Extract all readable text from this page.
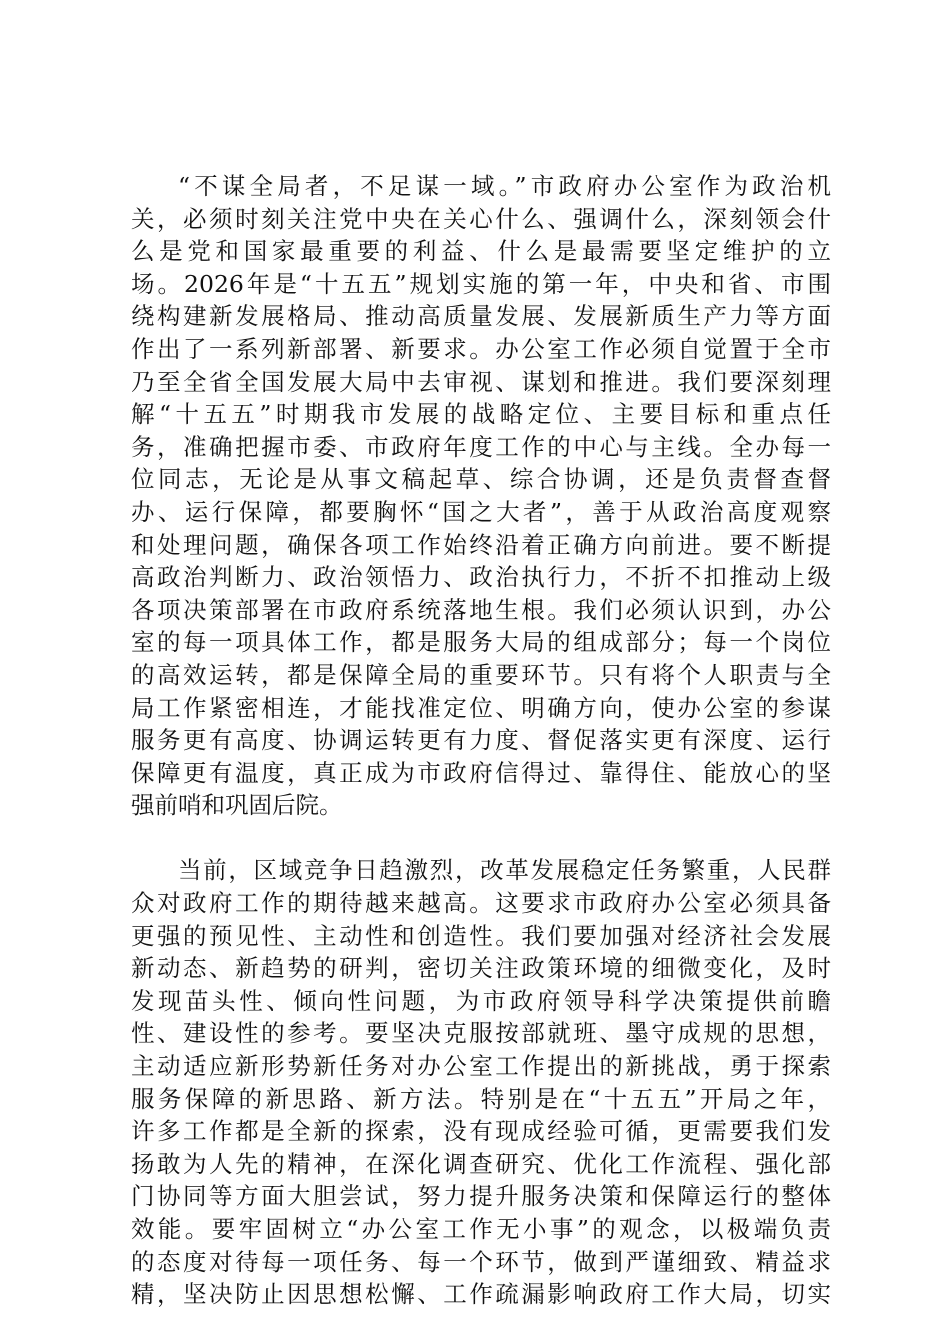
“不谋全局者，不足谋一域。”市政府办公室作为政治机
关，必须时刻关注党中央在关心什么、强调什么，深刻领会什
么是党和国家最重要的利益、什么是最需要坚定维护的立
场。2026年是“十五五”规划实施的第一年，中央和省、市围
绕构建新发展格局、推动高质量发展、发展新质生产力等方面
作出了一系列新部署、新要求。办公室工作必须自觉置于全市
乃至全省全国发展大局中去审视、谋划和推进。我们要深刻理
解“十五五”时期我市发展的战略定位、主要目标和重点任
务，准确把握市委、市政府年度工作的中心与主线。全办每一
位同志，无论是从事文稿起草、综合协调，还是负责督查督
办、运行保障，都要胸怀“国之大者”，善于从政治高度观察
和处理问题，确保各项工作始终沿着正确方向前进。要不断提
高政治判断力、政治领悟力、政治执行力，不折不扣推动上级
各项决策部署在市政府系统落地生根。我们必须认识到，办公
室的每一项具体工作，都是服务大局的组成部分；每一个岗位
的高效运转，都是保障全局的重要环节。只有将个人职责与全
局工作紧密相连，才能找准定位、明确方向，使办公室的参谋
服务更有高度、协调运转更有力度、督促落实更有深度、运行
保障更有温度，真正成为市政府信得过、靠得住、能放心的坚
强前哨和巩固后院。
当前，区域竞争日趋激烈，改革发展稳定任务繁重，人民群
众对政府工作的期待越来越高。这要求市政府办公室必须具备
更强的预见性、主动性和创造性。我们要加强对经济社会发展
新动态、新趋势的研判，密切关注政策环境的细微变化，及时
发现苗头性、倾向性问题，为市政府领导科学决策提供前瞻
性、建设性的参考。要坚决克服按部就班、墨守成规的思想，
主动适应新形势新任务对办公室工作提出的新挑战，勇于探索
服务保障的新思路、新方法。特别是在“十五五”开局之年，
许多工作都是全新的探索，没有现成经验可循，更需要我们发
扬敢为人先的精神，在深化调查研究、优化工作流程、强化部
门协同等方面大胆尝试，努力提升服务决策和保障运行的整体
效能。要牢固树立“办公室工作无小事”的观念，以极端负责
的态度对待每一项任务、每一个环节，做到严谨细致、精益求
精，坚决防止因思想松懈、工作疏漏影响政府工作大局，切实
